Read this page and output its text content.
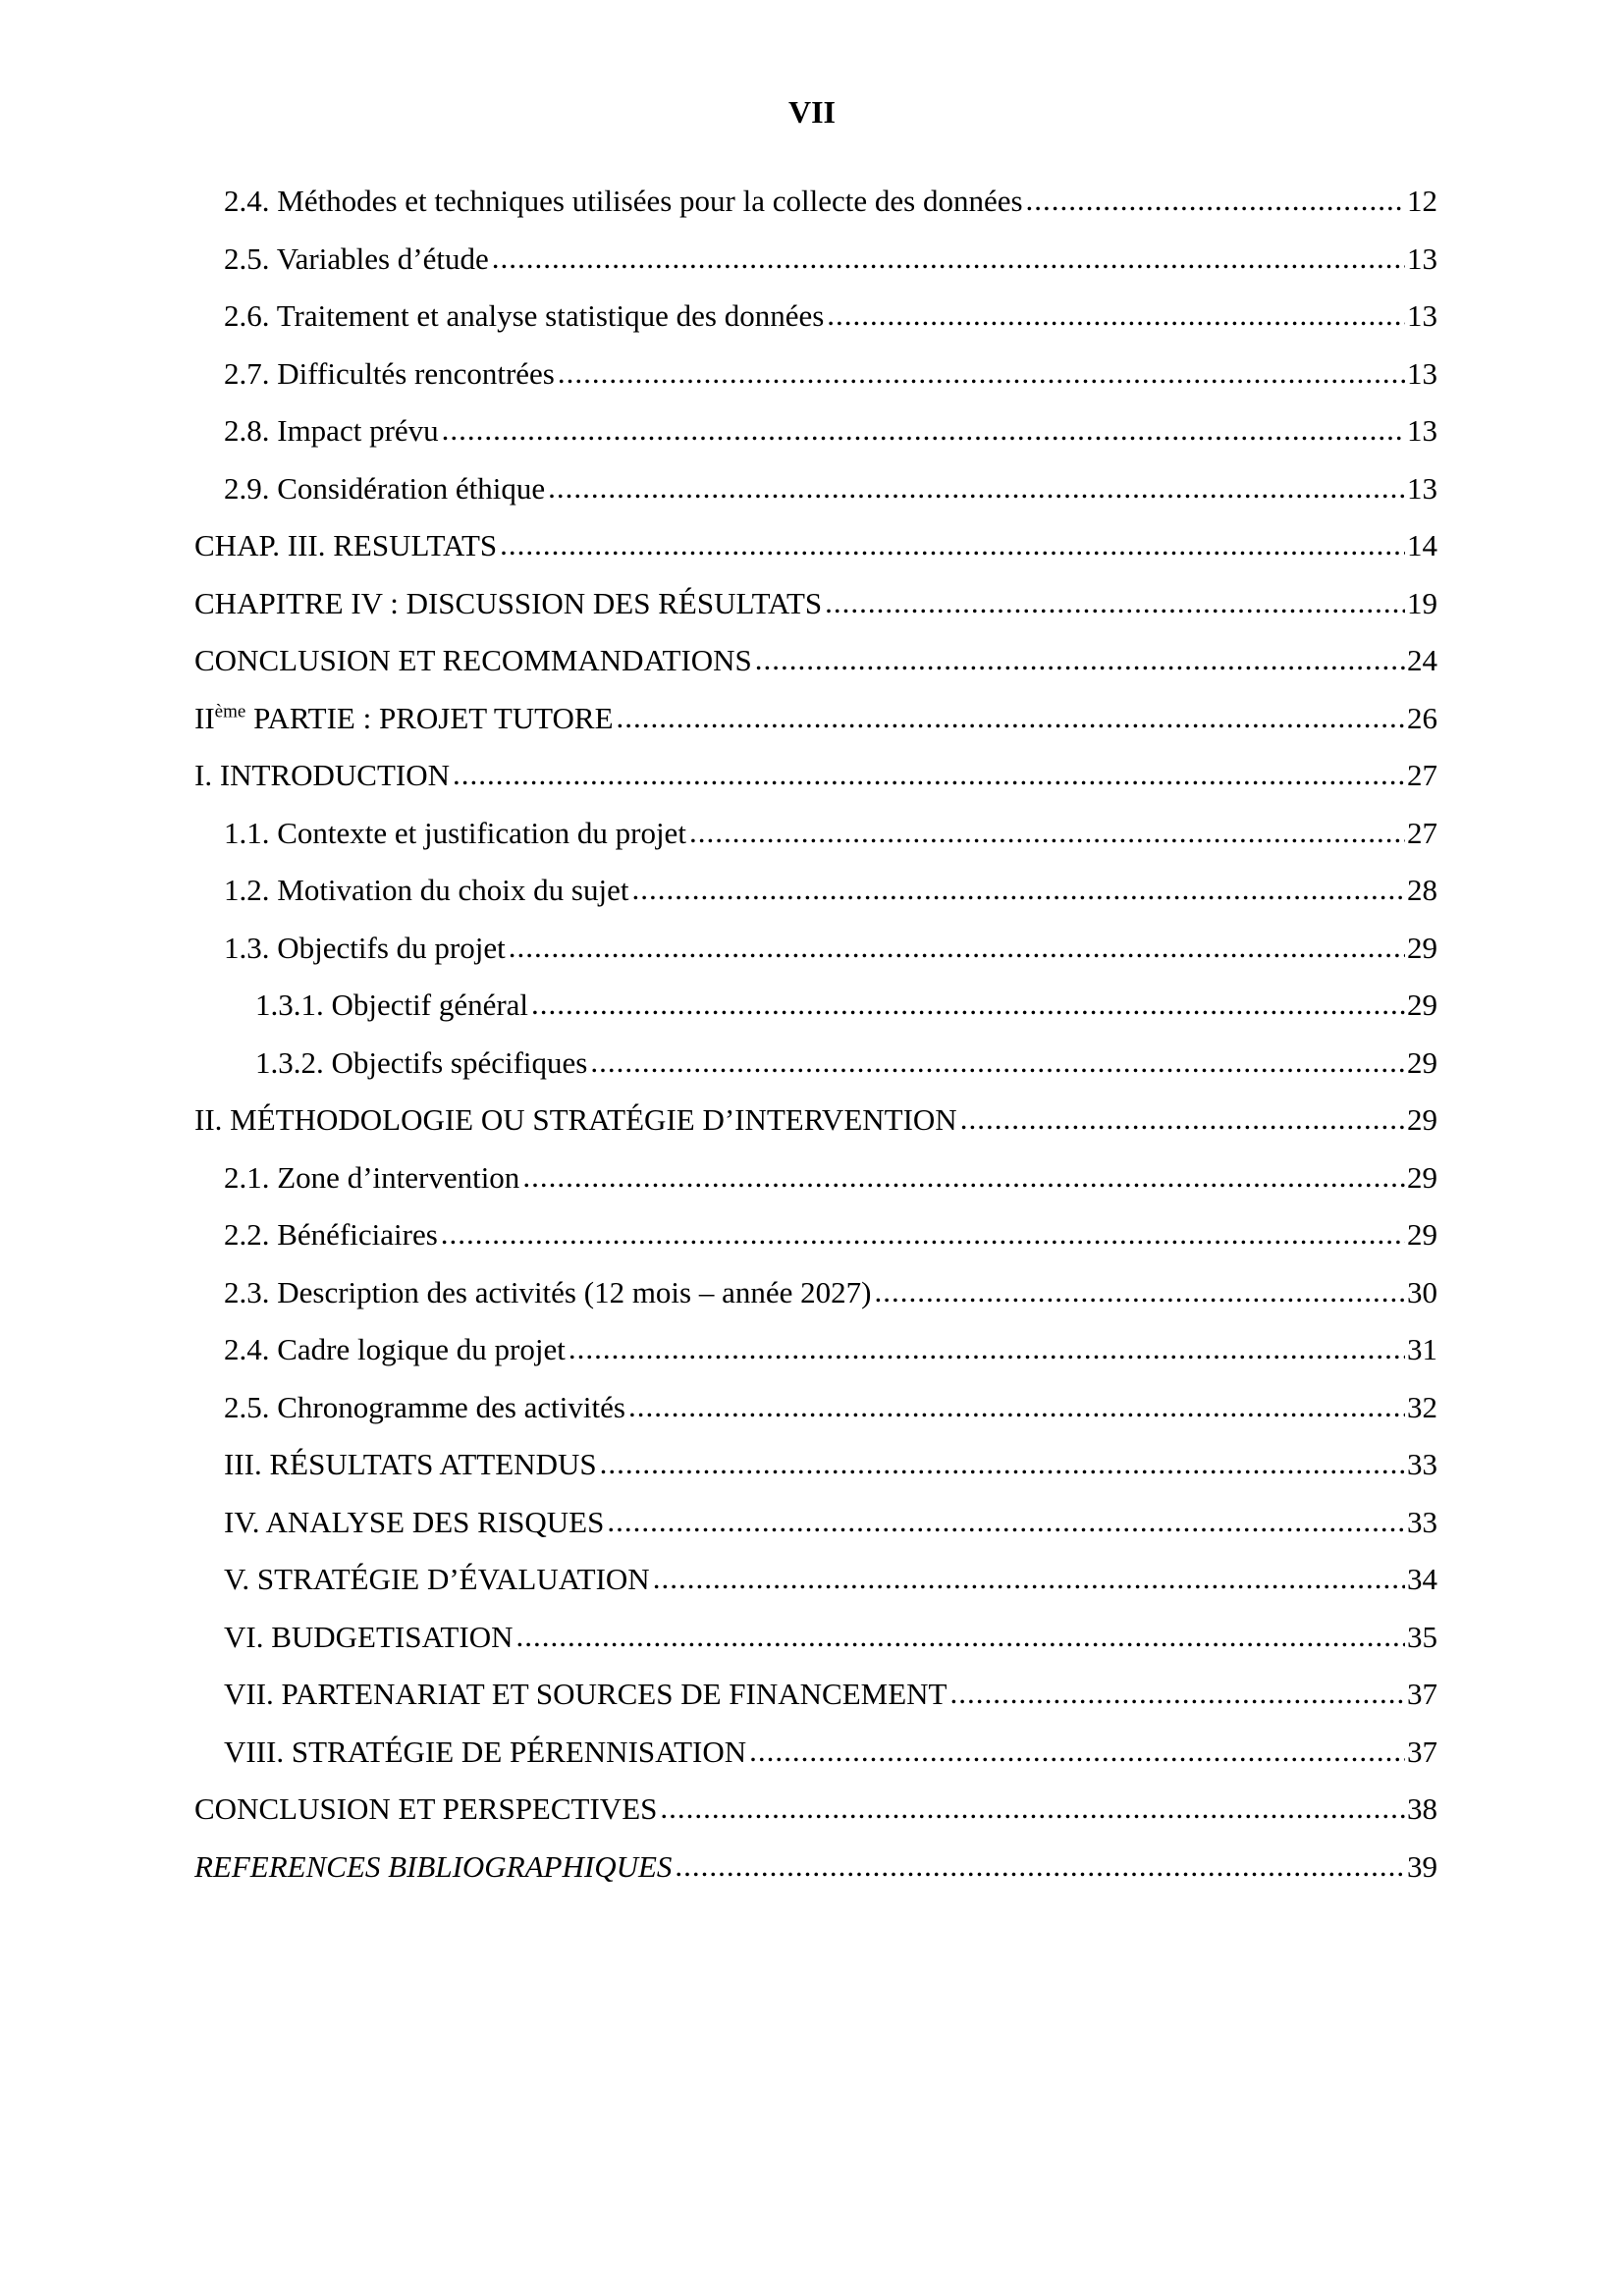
VII
2.4. Méthodes et techniques utilisées pour la collecte des données .....	12
2.5. Variables d’étude .....	13
2.6. Traitement et analyse statistique des données .....	13
2.7. Difficultés rencontrées .....	13
2.8. Impact prévu .....	13
2.9. Considération éthique .....	13
CHAP. III. RESULTATS .....	14
CHAPITRE IV : DISCUSSION DES RÉSULTATS .....	19
CONCLUSION ET RECOMMANDATIONS .....	24
IIème PARTIE : PROJET TUTORE .....	26
I. INTRODUCTION .....	27
1.1. Contexte et justification du projet .....	27
1.2. Motivation du choix du sujet .....	28
1.3. Objectifs du projet .....	29
1.3.1. Objectif général .....	29
1.3.2. Objectifs spécifiques .....	29
II. MÉTHODOLOGIE OU STRATÉGIE D’INTERVENTION .....	29
2.1. Zone d’intervention .....	29
2.2. Bénéficiaires .....	29
2.3. Description des activités (12 mois – année 2027) .....	30
2.4. Cadre logique du projet .....	31
2.5. Chronogramme des activités .....	32
III. RÉSULTATS ATTENDUS .....	33
IV. ANALYSE DES RISQUES .....	33
V. STRATÉGIE D’ÉVALUATION .....	34
VI. BUDGETISATION .....	35
VII. PARTENARIAT ET SOURCES DE FINANCEMENT .....	37
VIII. STRATÉGIE DE PÉRENNISATION .....	37
CONCLUSION ET PERSPECTIVES .....	38
REFERENCES BIBLIOGRAPHIQUES .....	39
